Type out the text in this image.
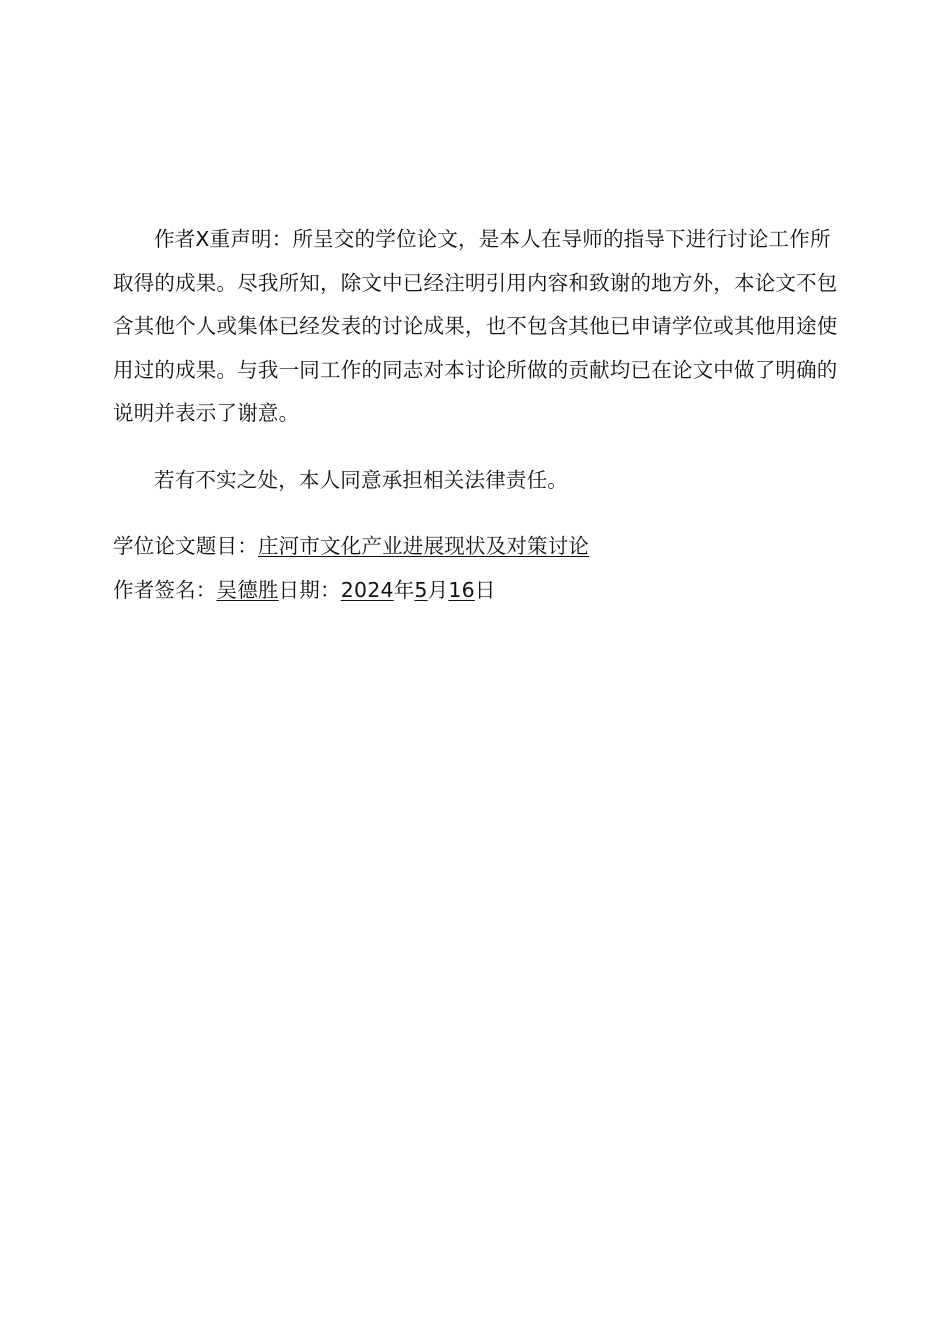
作者X重声明：所呈交的学位论文，是本人在导师的指导下进行讨论工作所取得的成果。尽我所知，除文中已经注明引用内容和致谢的地方外，本论文不包含其他个人或集体已经发表的讨论成果，也不包含其他已申请学位或其他用途使用过的成果。与我一同工作的同志对本讨论所做的贡献均已在论文中做了明确的说明并表示了谢意。

若有不实之处，本人同意承担相关法律责任。

学位论文题目：庄河市文化产业进展现状及对策讨论

作者签名：吴德胜日期：2024年5月16日
